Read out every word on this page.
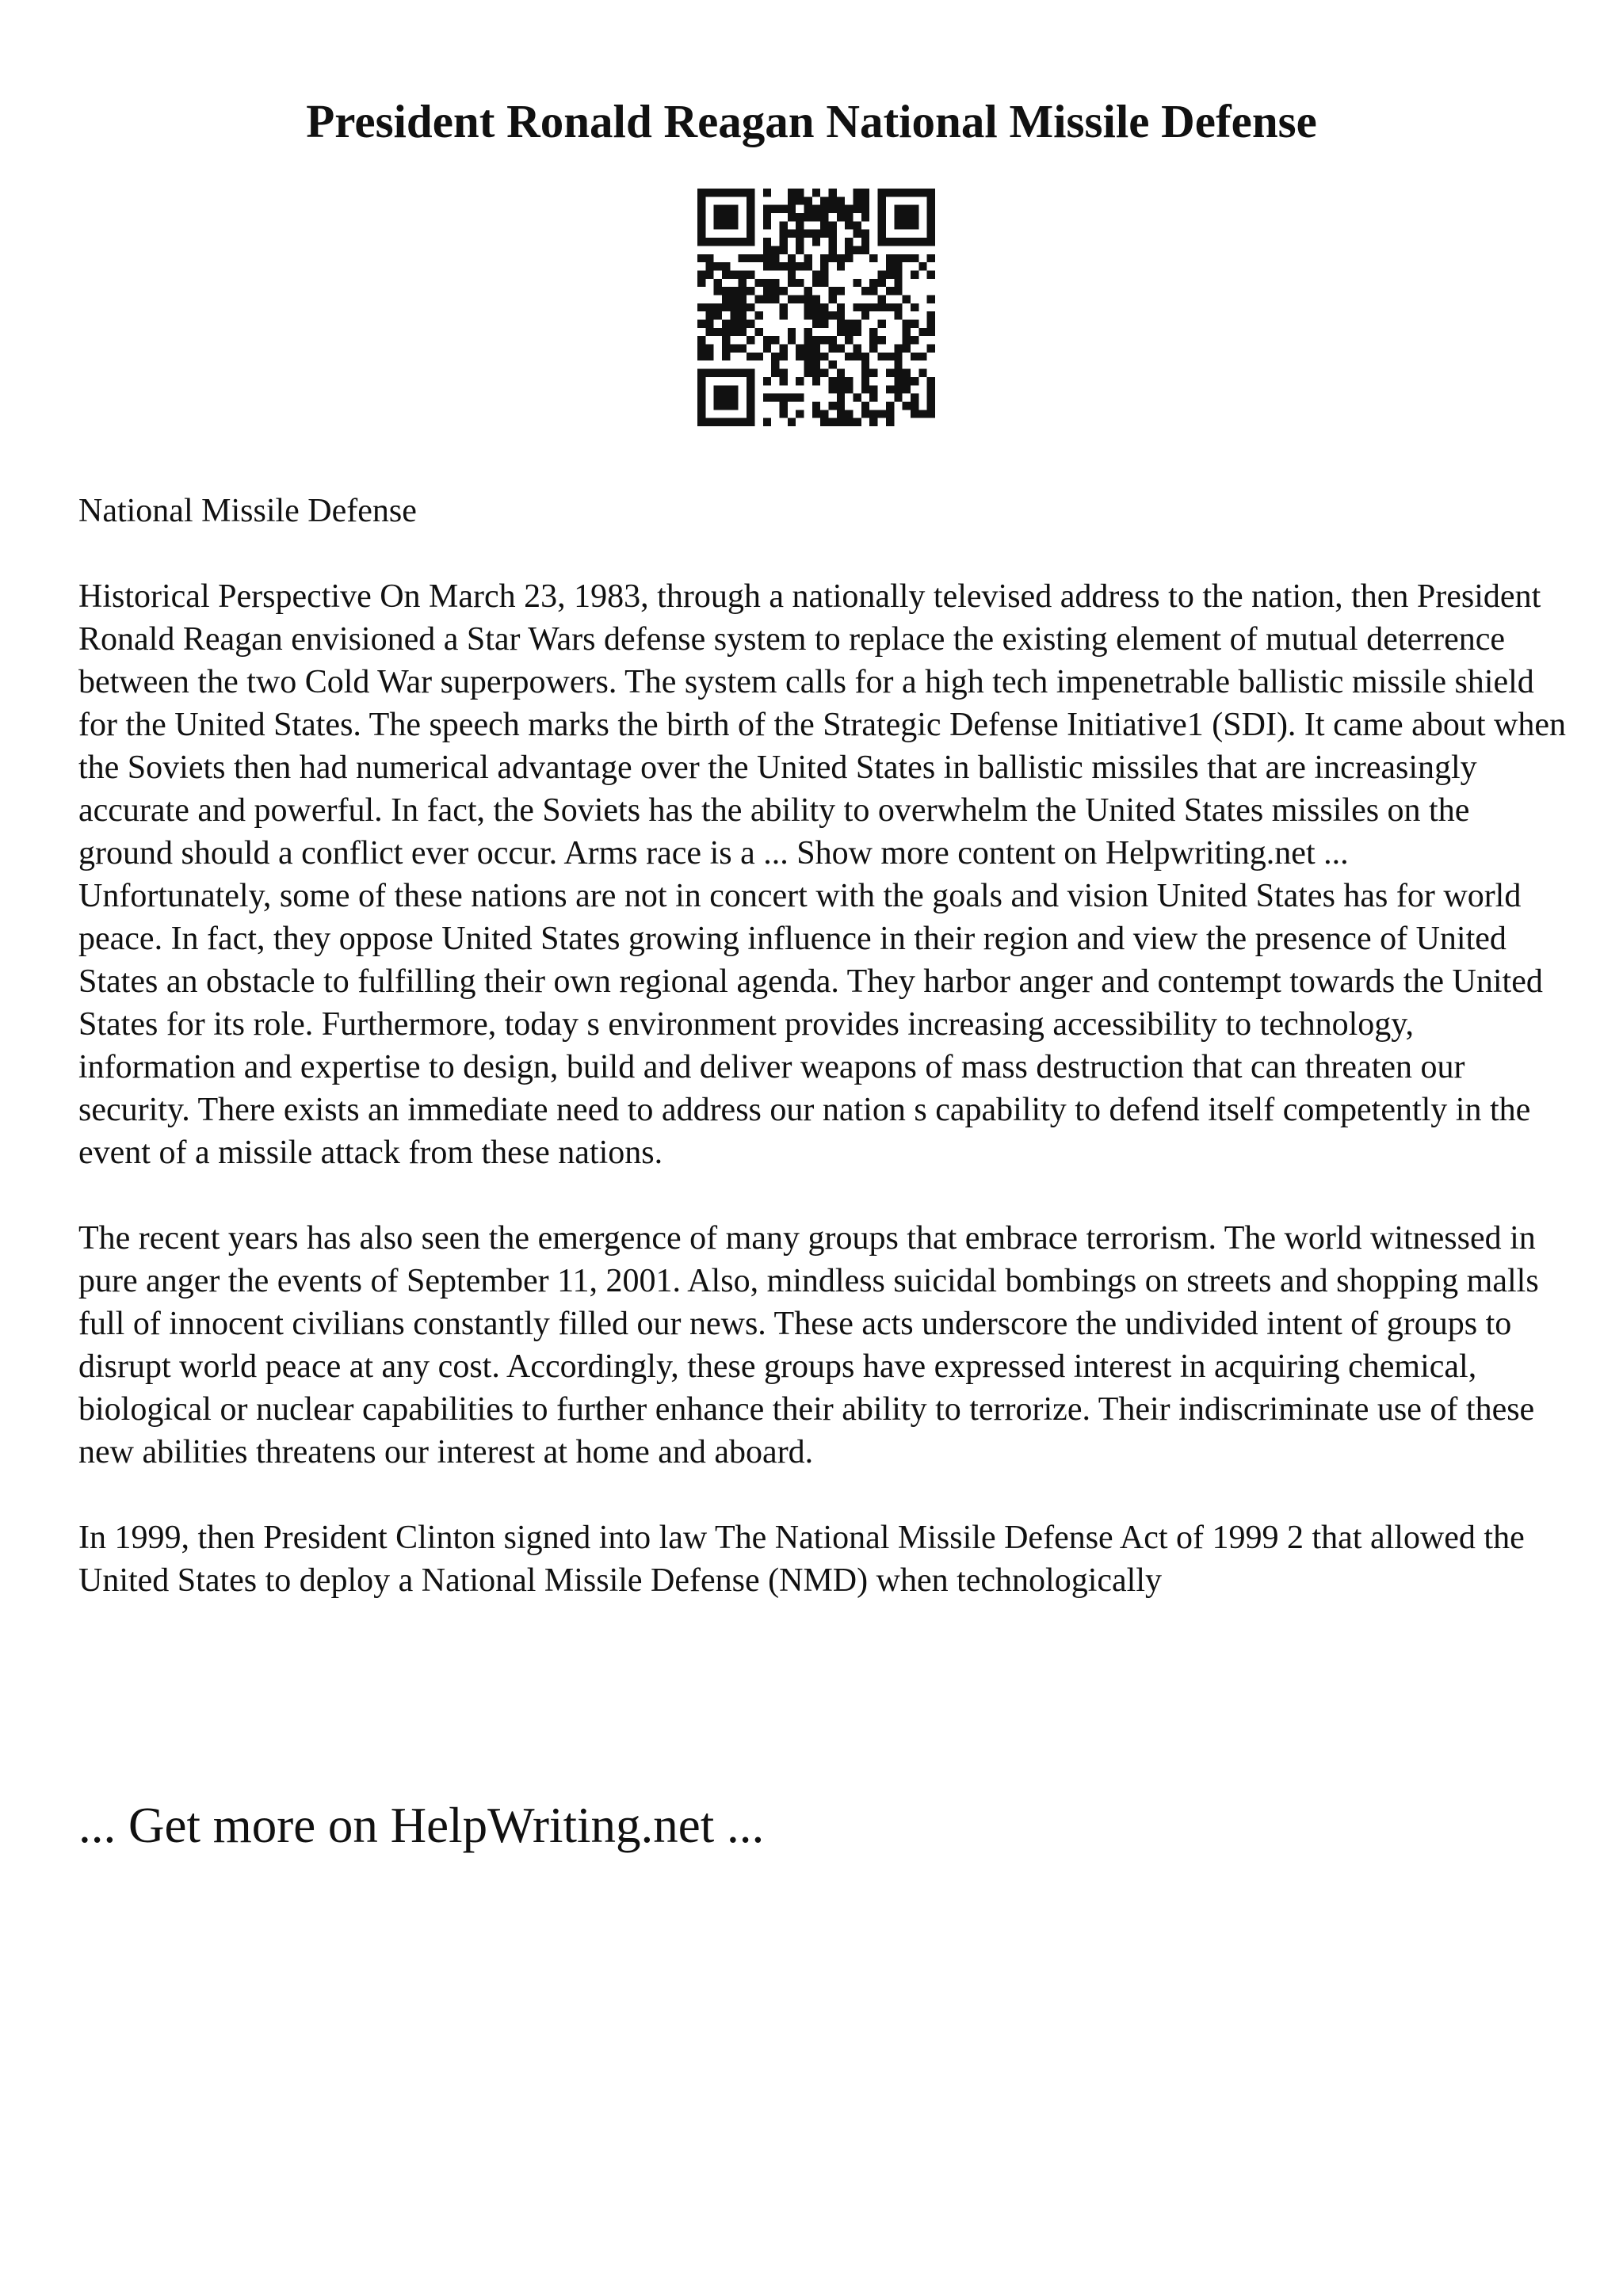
President Ronald Reagan National Missile Defense

National Missile Defense

Historical Perspective On March 23, 1983, through a nationally televised address to the nation, then President Ronald Reagan envisioned a Star Wars defense system to replace the existing element of mutual deterrence between the two Cold War superpowers. The system calls for a high tech impenetrable ballistic missile shield for the United States. The speech marks the birth of the Strategic Defense Initiative1 (SDI). It came about when the Soviets then had numerical advantage over the United States in ballistic missiles that are increasingly accurate and powerful. In fact, the Soviets has the ability to overwhelm the United States missiles on the ground should a conflict ever occur. Arms race is a ... Show more content on Helpwriting.net ...

Unfortunately, some of these nations are not in concert with the goals and vision United States has for world peace. In fact, they oppose United States growing influence in their region and view the presence of United States an obstacle to fulfilling their own regional agenda. They harbor anger and contempt towards the United States for its role. Furthermore, today s environment provides increasing accessibility to technology, information and expertise to design, build and deliver weapons of mass destruction that can threaten our security. There exists an immediate need to address our nation s capability to defend itself competently in the event of a missile attack from these nations.

The recent years has also seen the emergence of many groups that embrace terrorism. The world witnessed in pure anger the events of September 11, 2001. Also, mindless suicidal bombings on streets and shopping malls full of innocent civilians constantly filled our news. These acts underscore the undivided intent of groups to disrupt world peace at any cost. Accordingly, these groups have expressed interest in acquiring chemical, biological or nuclear capabilities to further enhance their ability to terrorize. Their indiscriminate use of these new abilities threatens our interest at home and aboard.

In 1999, then President Clinton signed into law The National Missile Defense Act of 1999 2 that allowed the United States to deploy a National Missile Defense (NMD) when technologically

... Get more on HelpWriting.net ...
